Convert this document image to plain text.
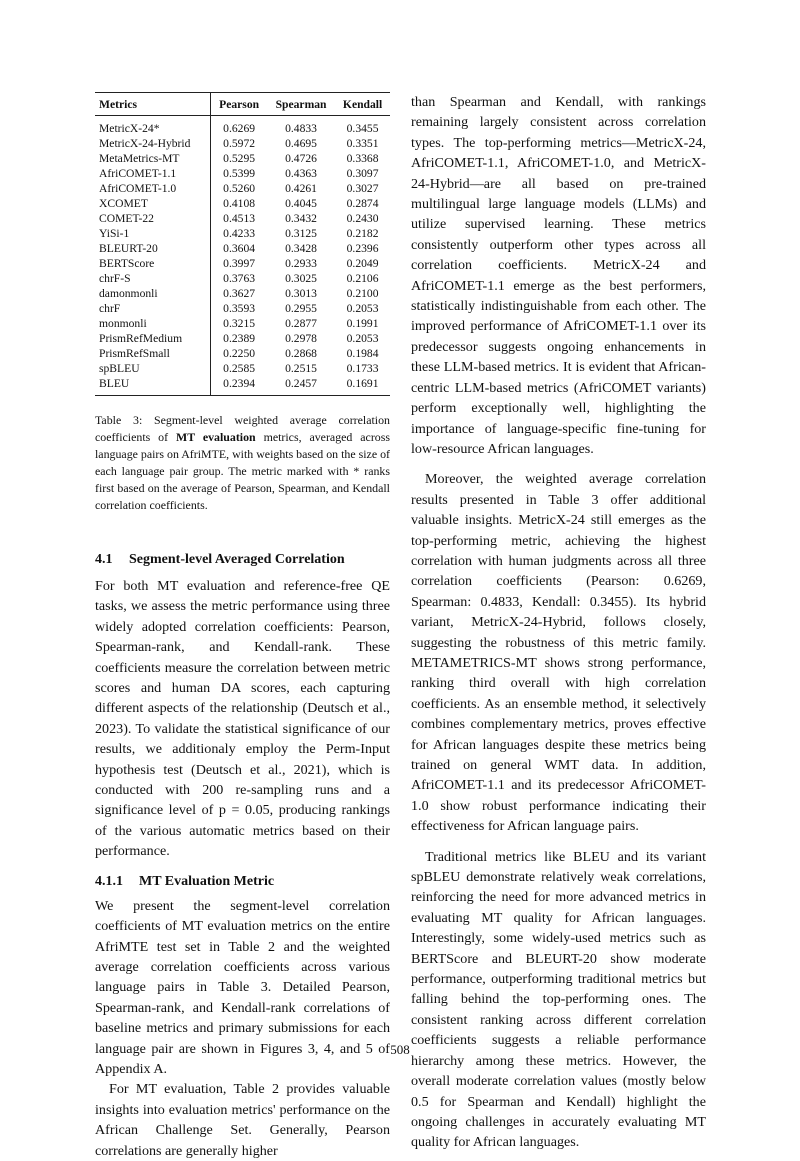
Metrics	Pearson	Spearman	Kendall
MetricX-24*	0.6269	0.4833	0.3455
MetricX-24-Hybrid	0.5972	0.4695	0.3351
MetaMetrics-MT	0.5295	0.4726	0.3368
AfriCOMET-1.1	0.5399	0.4363	0.3097
AfriCOMET-1.0	0.5260	0.4261	0.3027
XCOMET	0.4108	0.4045	0.2874
COMET-22	0.4513	0.3432	0.2430
YiSi-1	0.4233	0.3125	0.2182
BLEURT-20	0.3604	0.3428	0.2396
BERTScore	0.3997	0.2933	0.2049
chrF-S	0.3763	0.3025	0.2106
damonmonli	0.3627	0.3013	0.2100
chrF	0.3593	0.2955	0.2053
monmonli	0.3215	0.2877	0.1991
PrismRefMedium	0.2389	0.2978	0.2053
PrismRefSmall	0.2250	0.2868	0.1984
spBLEU	0.2585	0.2515	0.1733
BLEU	0.2394	0.2457	0.1691
Table 3: Segment-level weighted average correlation coefficients of MT evaluation metrics, averaged across language pairs on AfriMTE, with weights based on the size of each language pair group. The metric marked with * ranks first based on the average of Pearson, Spearman, and Kendall correlation coefficients.
4.1 Segment-level Averaged Correlation

For both MT evaluation and reference-free QE tasks, we assess the metric performance using three widely adopted correlation coefficients: Pearson, Spearman-rank, and Kendall-rank. These coefficients measure the correlation between metric scores and human DA scores, each capturing different aspects of the relationship (Deutsch et al., 2023). To validate the statistical significance of our results, we additionaly employ the Perm-Input hypothesis test (Deutsch et al., 2021), which is conducted with 200 re-sampling runs and a significance level of p = 0.05, producing rankings of the various automatic metrics based on their performance.

4.1.1 MT Evaluation Metric

We present the segment-level correlation coefficients of MT evaluation metrics on the entire AfriMTE test set in Table 2 and the weighted average correlation coefficients across various language pairs in Table 3. Detailed Pearson, Spearman-rank, and Kendall-rank correlations of baseline metrics and primary submissions for each language pair are shown in Figures 3, 4, and 5 of Appendix A.

For MT evaluation, Table 2 provides valuable insights into evaluation metrics' performance on the African Challenge Set. Generally, Pearson correlations are generally higher

than Spearman and Kendall, with rankings remaining largely consistent across correlation types. The top-performing metrics—MetricX-24, AfriCOMET-1.1, AfriCOMET-1.0, and MetricX-24-Hybrid—are all based on pre-trained multilingual large language models (LLMs) and utilize supervised learning. These metrics consistently outperform other types across all correlation coefficients. MetricX-24 and AfriCOMET-1.1 emerge as the best performers, statistically indistinguishable from each other. The improved performance of AfriCOMET-1.1 over its predecessor suggests ongoing enhancements in these LLM-based metrics. It is evident that African-centric LLM-based metrics (AfriCOMET variants) perform exceptionally well, highlighting the importance of language-specific fine-tuning for low-resource African languages.

Moreover, the weighted average correlation results presented in Table 3 offer additional valuable insights. MetricX-24 still emerges as the top-performing metric, achieving the highest correlation with human judgments across all three correlation coefficients (Pearson: 0.6269, Spearman: 0.4833, Kendall: 0.3455). Its hybrid variant, MetricX-24-Hybrid, follows closely, suggesting the robustness of this metric family. METAMETRICS-MT shows strong performance, ranking third overall with high correlation coefficients. As an ensemble method, it selectively combines complementary metrics, proves effective for African languages despite these metrics being trained on general WMT data. In addition, AfriCOMET-1.1 and its predecessor AfriCOMET-1.0 show robust performance indicating their effectiveness for African language pairs.

Traditional metrics like BLEU and its variant spBLEU demonstrate relatively weak correlations, reinforcing the need for more advanced metrics in evaluating MT quality for African languages. Interestingly, some widely-used metrics such as BERTScore and BLEURT-20 show moderate performance, outperforming traditional metrics but falling behind the top-performing ones. The consistent ranking across different correlation coefficients suggests a reliable performance hierarchy among these metrics. However, the overall moderate correlation values (mostly below 0.5 for Spearman and Kendall) highlight the ongoing challenges in accurately evaluating MT quality for African languages.

508
